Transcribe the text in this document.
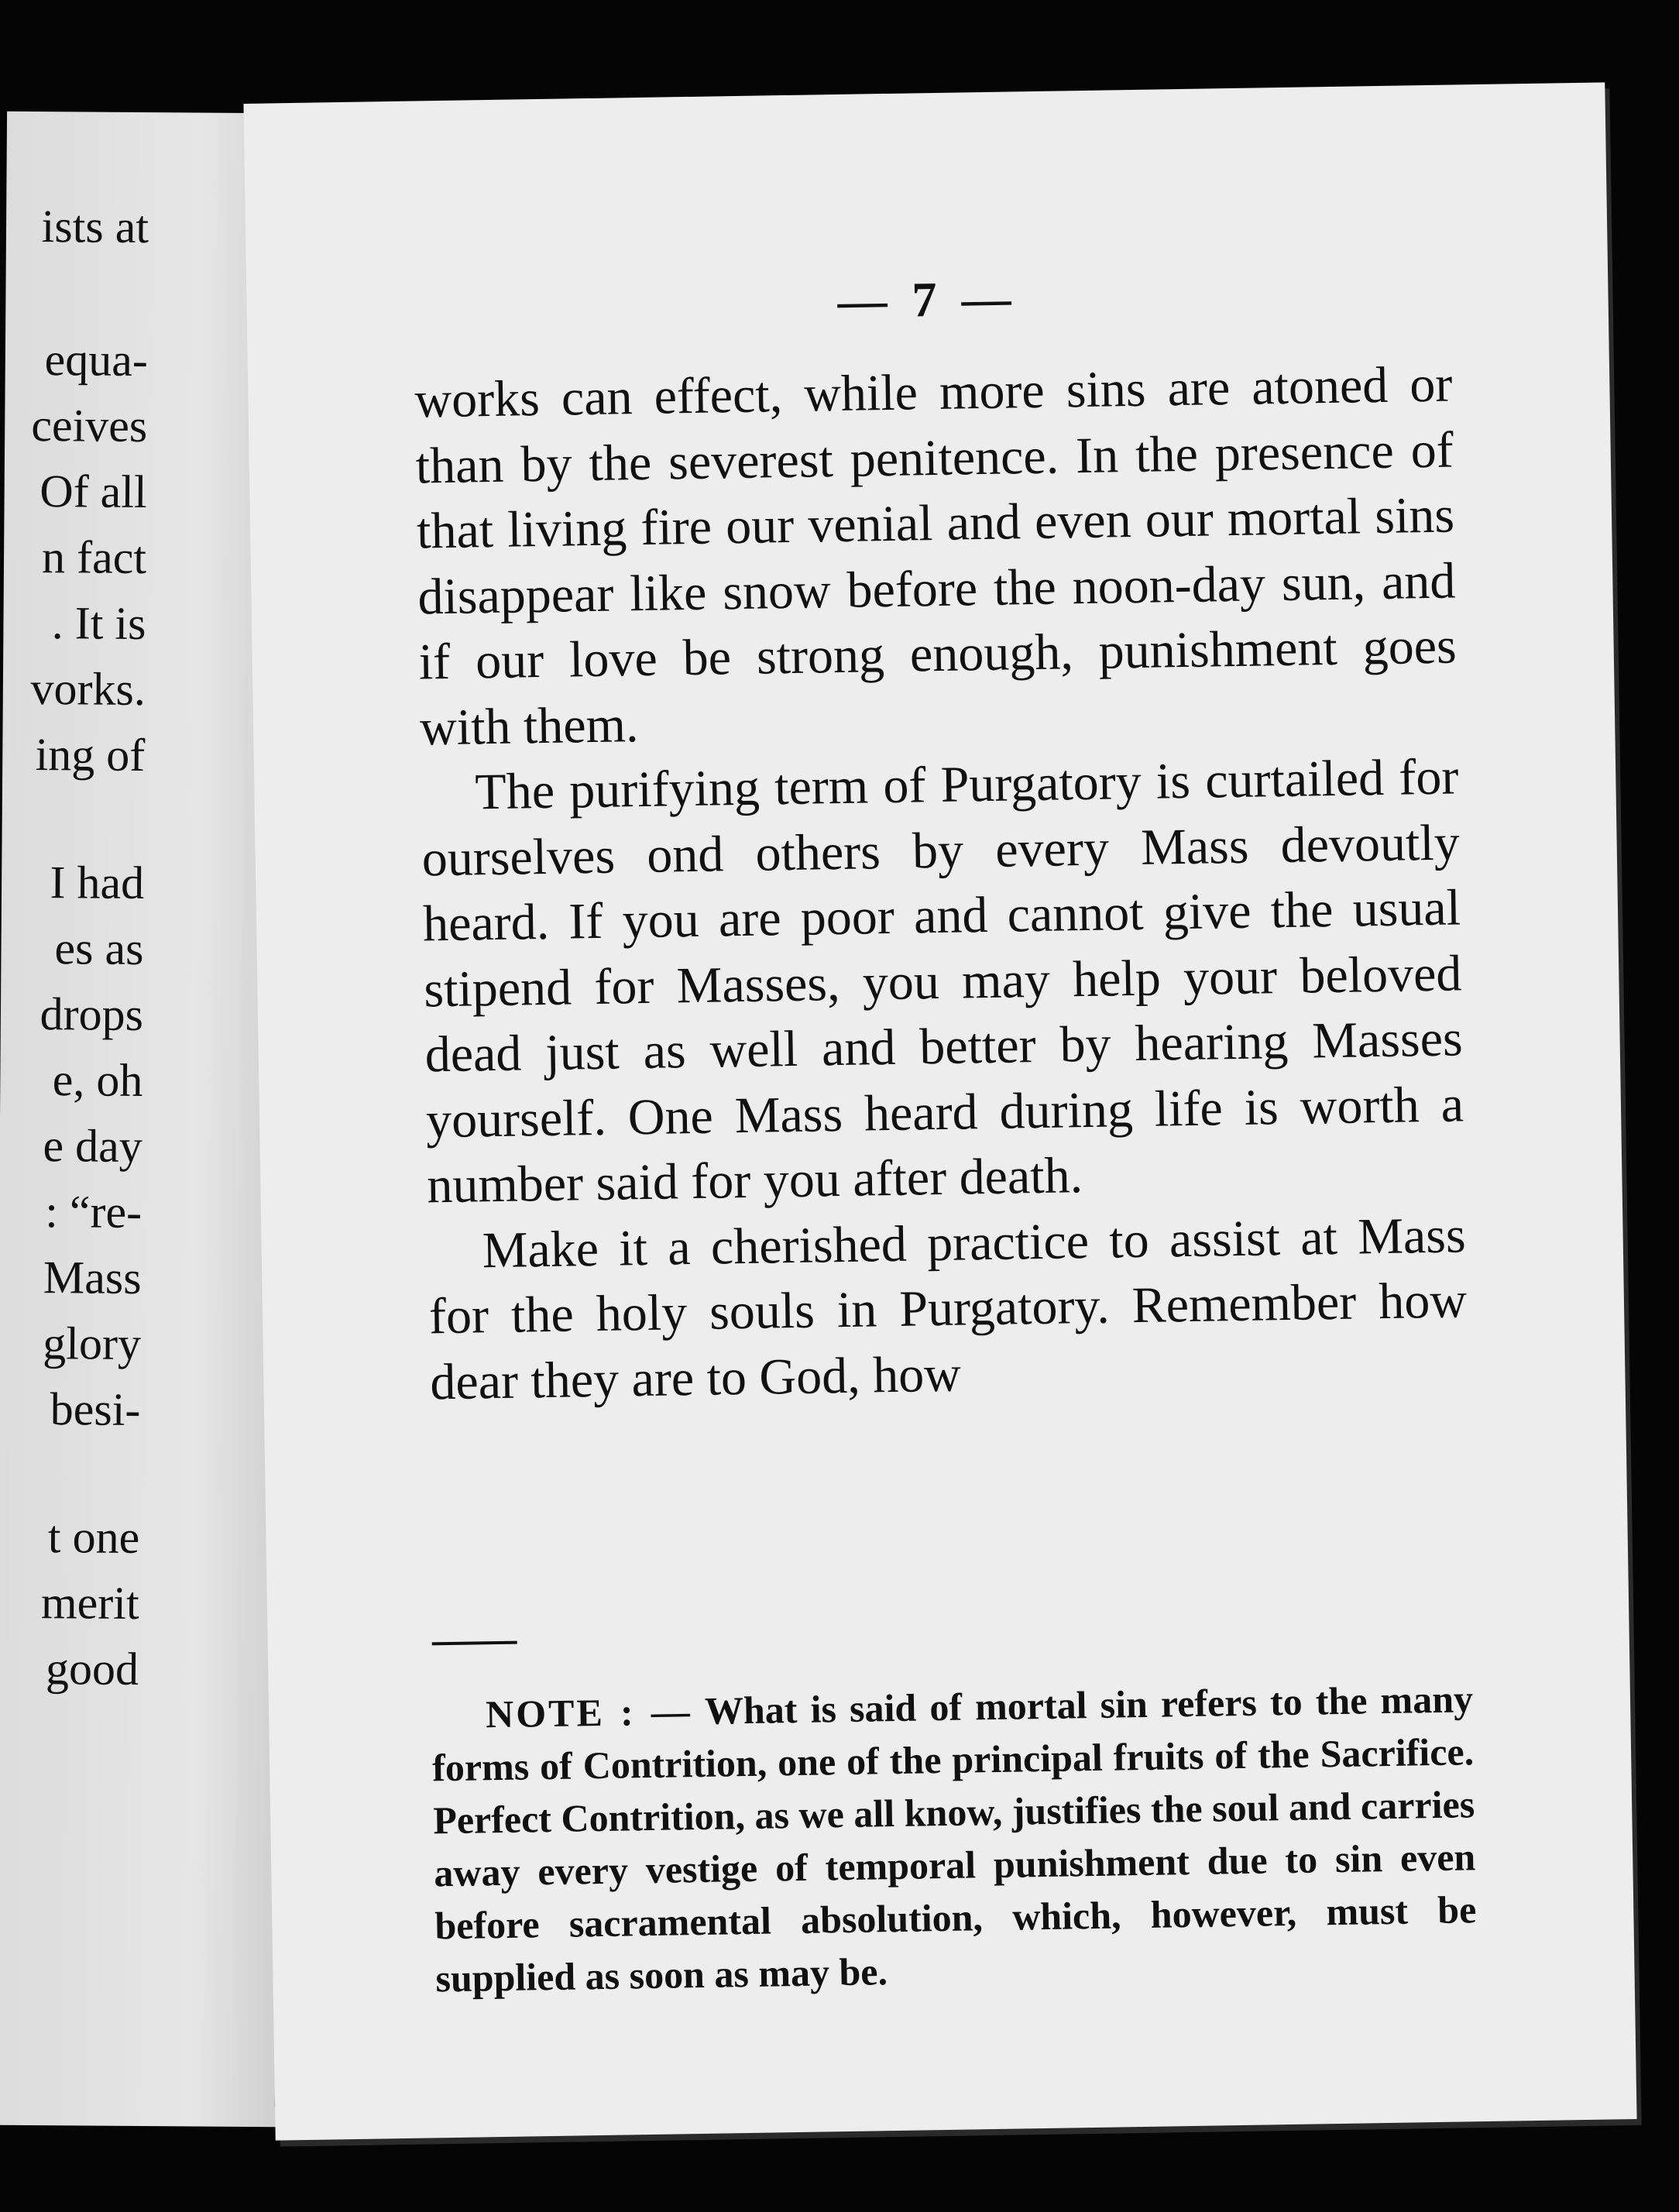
ists at
equa-
ceives
Of all
n fact
. It is
vorks.
ing of
I had
es as
drops
e, oh
e day
: “re-
Mass
glory
besi-
t one
merit
good
— 7 —

works can effect, while more sins are atoned or than by the severest penitence. In the presence of that living fire our venial and even our mortal sins disappear like snow before the noon-day sun, and if our love be strong enough, punishment goes with them.

The purifying term of Purgatory is curtailed for ourselves ond others by every Mass devoutly heard. If you are poor and cannot give the usual stipend for Masses, you may help your beloved dead just as well and better by hearing Masses yourself. One Mass heard during life is worth a number said for you after death.

Make it a cherished practice to assist at Mass for the holy souls in Purgatory. Remember how dear they are to God, how

NOTE : — What is said of mortal sin refers to the many forms of Contrition, one of the principal fruits of the Sacrifice. Perfect Contrition, as we all know, justifies the soul and carries away every vestige of temporal punishment due to sin even before sacramental absolution, which, however, must be supplied as soon as may be.
